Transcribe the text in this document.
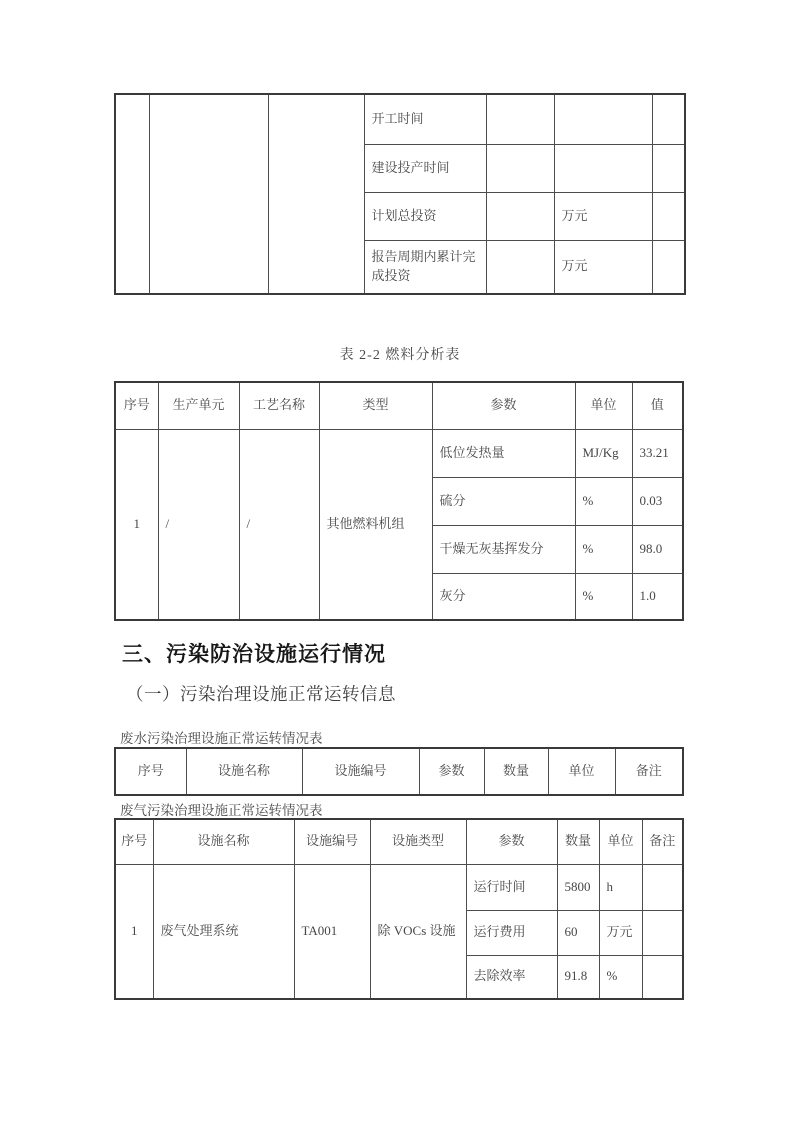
			开工时间			
			建设投产时间			
			计划总投资		万元	
			报告周期内累计完成投资		万元	
表 2-2 燃料分析表
序号	生产单元	工艺名称	类型	参数	单位	值
1	/	/	其他燃料机组	低位发热量	MJ/Kg	33.21
				硫分	%	0.03
				干燥无灰基挥发分	%	98.0
				灰分	%	1.0
三、污染防治设施运行情况
（一）污染治理设施正常运转信息
废水污染治理设施正常运转情况表
序号	设施名称	设施编号	参数	数量	单位	备注
废气污染治理设施正常运转情况表
序号	设施名称	设施编号	设施类型	参数	数量	单位	备注
1	废气处理系统	TA001	除 VOCs 设施	运行时间	5800	h	
				运行费用	60	万元	
				去除效率	91.8	%	
